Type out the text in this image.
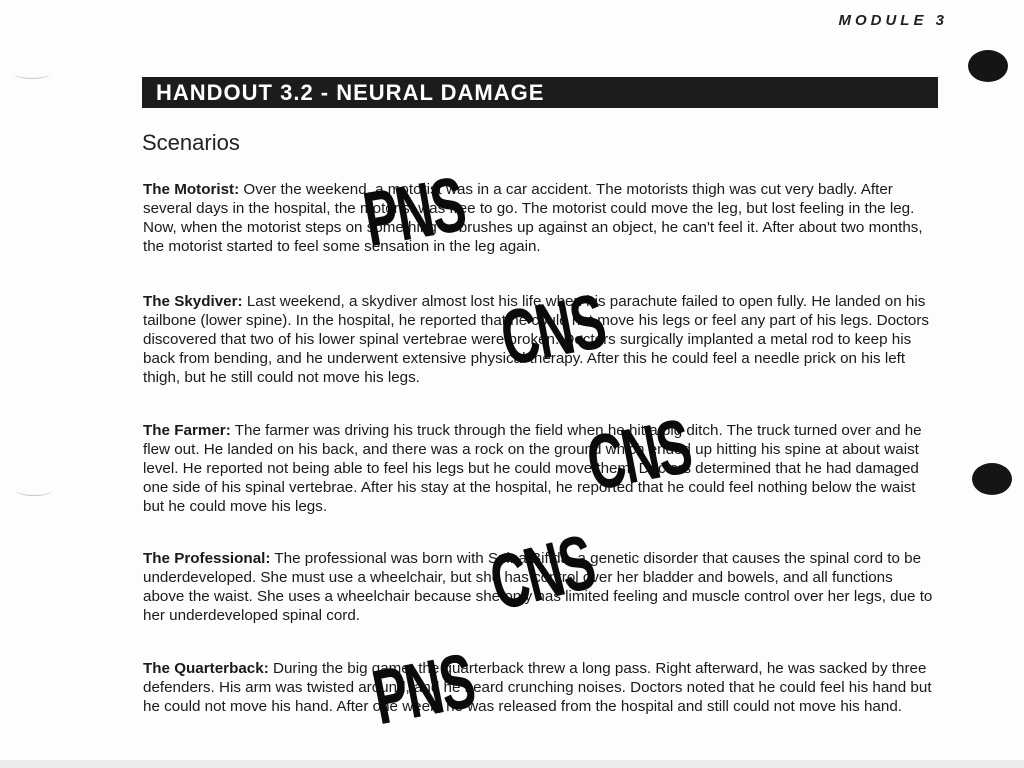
MODULE 3
HANDOUT 3.2 - NEURAL DAMAGE
Scenarios

The Motorist: Over the weekend, a motorist was in a car accident. The motorists thigh was cut very badly. After several days in the hospital, the motorist was free to go. The motorist could move the leg, but lost feeling in the leg. Now, when the motorist steps on something or brushes up against an object, he can't feel it. After about two months, the motorist started to feel some sensation in the leg again.

The Skydiver: Last weekend, a skydiver almost lost his life when his parachute failed to open fully. He landed on his tailbone (lower spine). In the hospital, he reported that he could not move his legs or feel any part of his legs. Doctors discovered that two of his lower spinal vertebrae were broken. Doctors surgically implanted a metal rod to keep his back from bending, and he underwent extensive physical therapy. After this he could feel a needle prick on his left thigh, but he still could not move his legs.

The Farmer: The farmer was driving his truck through the field when he hit a big ditch. The truck turned over and he flew out. He landed on his back, and there was a rock on the ground which ended up hitting his spine at about waist level. He reported not being able to feel his legs but he could move them. Doctors determined that he had damaged one side of his spinal vertebrae. After his stay at the hospital, he reported that he could feel nothing below the waist but he could move his legs.

The Professional: The professional was born with Spina Bifida, a genetic disorder that causes the spinal cord to be underdeveloped. She must use a wheelchair, but she has control over her bladder and bowels, and all functions above the waist. She uses a wheelchair because she only has limited feeling and muscle control over her legs, due to her underdeveloped spinal cord.

The Quarterback: During the big game, the quarterback threw a long pass. Right afterward, he was sacked by three defenders. His arm was twisted around, and he heard crunching noises. Doctors noted that he could feel his hand but he could not move his hand. After one week, he was released from the hospital and still could not move his hand.

PNS
CNS
CNS
CNS
PNS
